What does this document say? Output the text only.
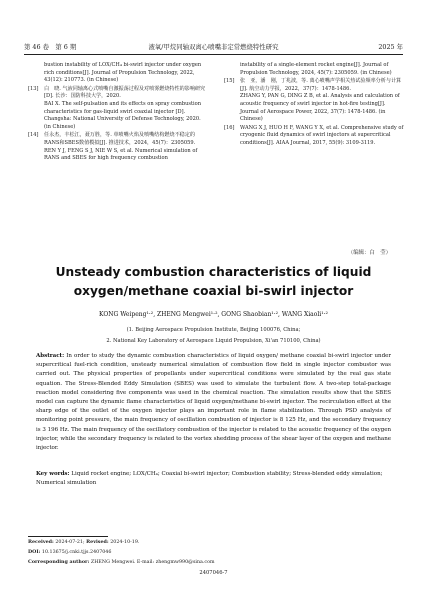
第 46 卷　第 6 期	液氧/甲烷同轴双离心喷嘴非定常燃烧特性研究	2025 年
bustion instability of LOX/CH₄ bi-swirl injector under oxygen rich conditions[J]. Journal of Propulsion Technology, 2022, 43(12): 210773. (in Chinese)
[13] 白　晓. 气液同轴离心式喷嘴自激振荡过程及对喷雾燃烧特性的影响研究[D]. 长沙：国防科技大学，2020.
BAI X. The self-pulsation and its effects on spray combustion characteristics for gas-liquid swirl coaxial injector [D]. Changsha: National University of Defense Technology, 2020. (in Chinese)
[14] 任永杰，丰松江，聂万胜，等. 单喷嘴火焰及喷嘴结构燃烧不稳定的RANS和SBES数值模拟[J]. 推进技术，2024，45(7)：2305059.
REN Y J, FENG S J, NIE W S, et al. Numerical simulation of RANS and SBES for high frequency combustion
instability of a single-element rocket engine[J]. Journal of Propulsion Technology, 2024, 45(7): 2305059. (in Chinese)
[15] 张　亚，潘　刚，丁兆波，等. 离心喷嘴声学相关热试验频率分析与计算[J]. 航空动力学报，2022，37(7)：1478-1486.
ZHANG Y, PAN G, DING Z B, et al. Analysis and calculation of acoustic frequency of swirl injector in hot-fire testing[J]. Journal of Aerospace Power, 2022, 37(7): 1478-1486. (in Chinese)
[16] WANG X J, HUO H F, WANG Y X, et al. Comprehensive study of cryogenic fluid dynamics of swirl injectors at supercritical conditions[J]. AIAA Journal, 2017, 55(9): 3109-3119.
（编辑：白　莹）
Unsteady combustion characteristics of liquid oxygen/methane coaxial bi-swirl injector
KONG Weipeng¹·², ZHENG Mengwei¹·², GONG Shaobian¹·², WANG Xiaoli¹·²
(1. Beijing Aerospace Propulsion Institute, Beijing 100076, China;
2. National Key Laboratory of Aerospace Liquid Propulsion, Xi'an 710100, China)

Abstract: In order to study the dynamic combustion characteristics of liquid oxygen/ methane coaxial bi-swirl injector under supercritical fuel-rich condition, unsteady numerical simulation of combustion flow field in single injector combustor was carried out. The physical properties of propellants under supercritical conditions were simulated by the real gas state equation. The Stress-Blended Eddy Simulation (SBES) was used to simulate the turbulent flow. A two-step total-package reaction model considering five components was used in the chemical reaction. The simulation results show that the SBES model can capture the dynamic flame characteristics of liquid oxygen/methane bi-swirl injector. The recirculation effect at the sharp edge of the outlet of the oxygen injector plays an important role in flame stabilization. Through PSD analysis of monitoring point pressure, the main frequency of oscillation combustion of injector is 8 125 Hz, and the secondary frequency is 3 196 Hz. The main frequency of the oscillatory combustion of the injector is related to the acoustic frequency of the oxygen injector, while the secondary frequency is related to the vortex shedding process of the shear layer of the oxygen and methane injector.

Key words: Liquid rocket engine; LOX/CH₄; Coaxial bi-swirl injector; Combustion stability; Stress-blended eddy simulation; Numerical simulation

Received: 2024-07-21; Revised: 2024-10-19.
DOI: 10.13675/j.cnki.tjjs.2407046
Corresponding author: ZHENG Mengwei. E-mail: zhengmw990@sina.com
2407046-7
